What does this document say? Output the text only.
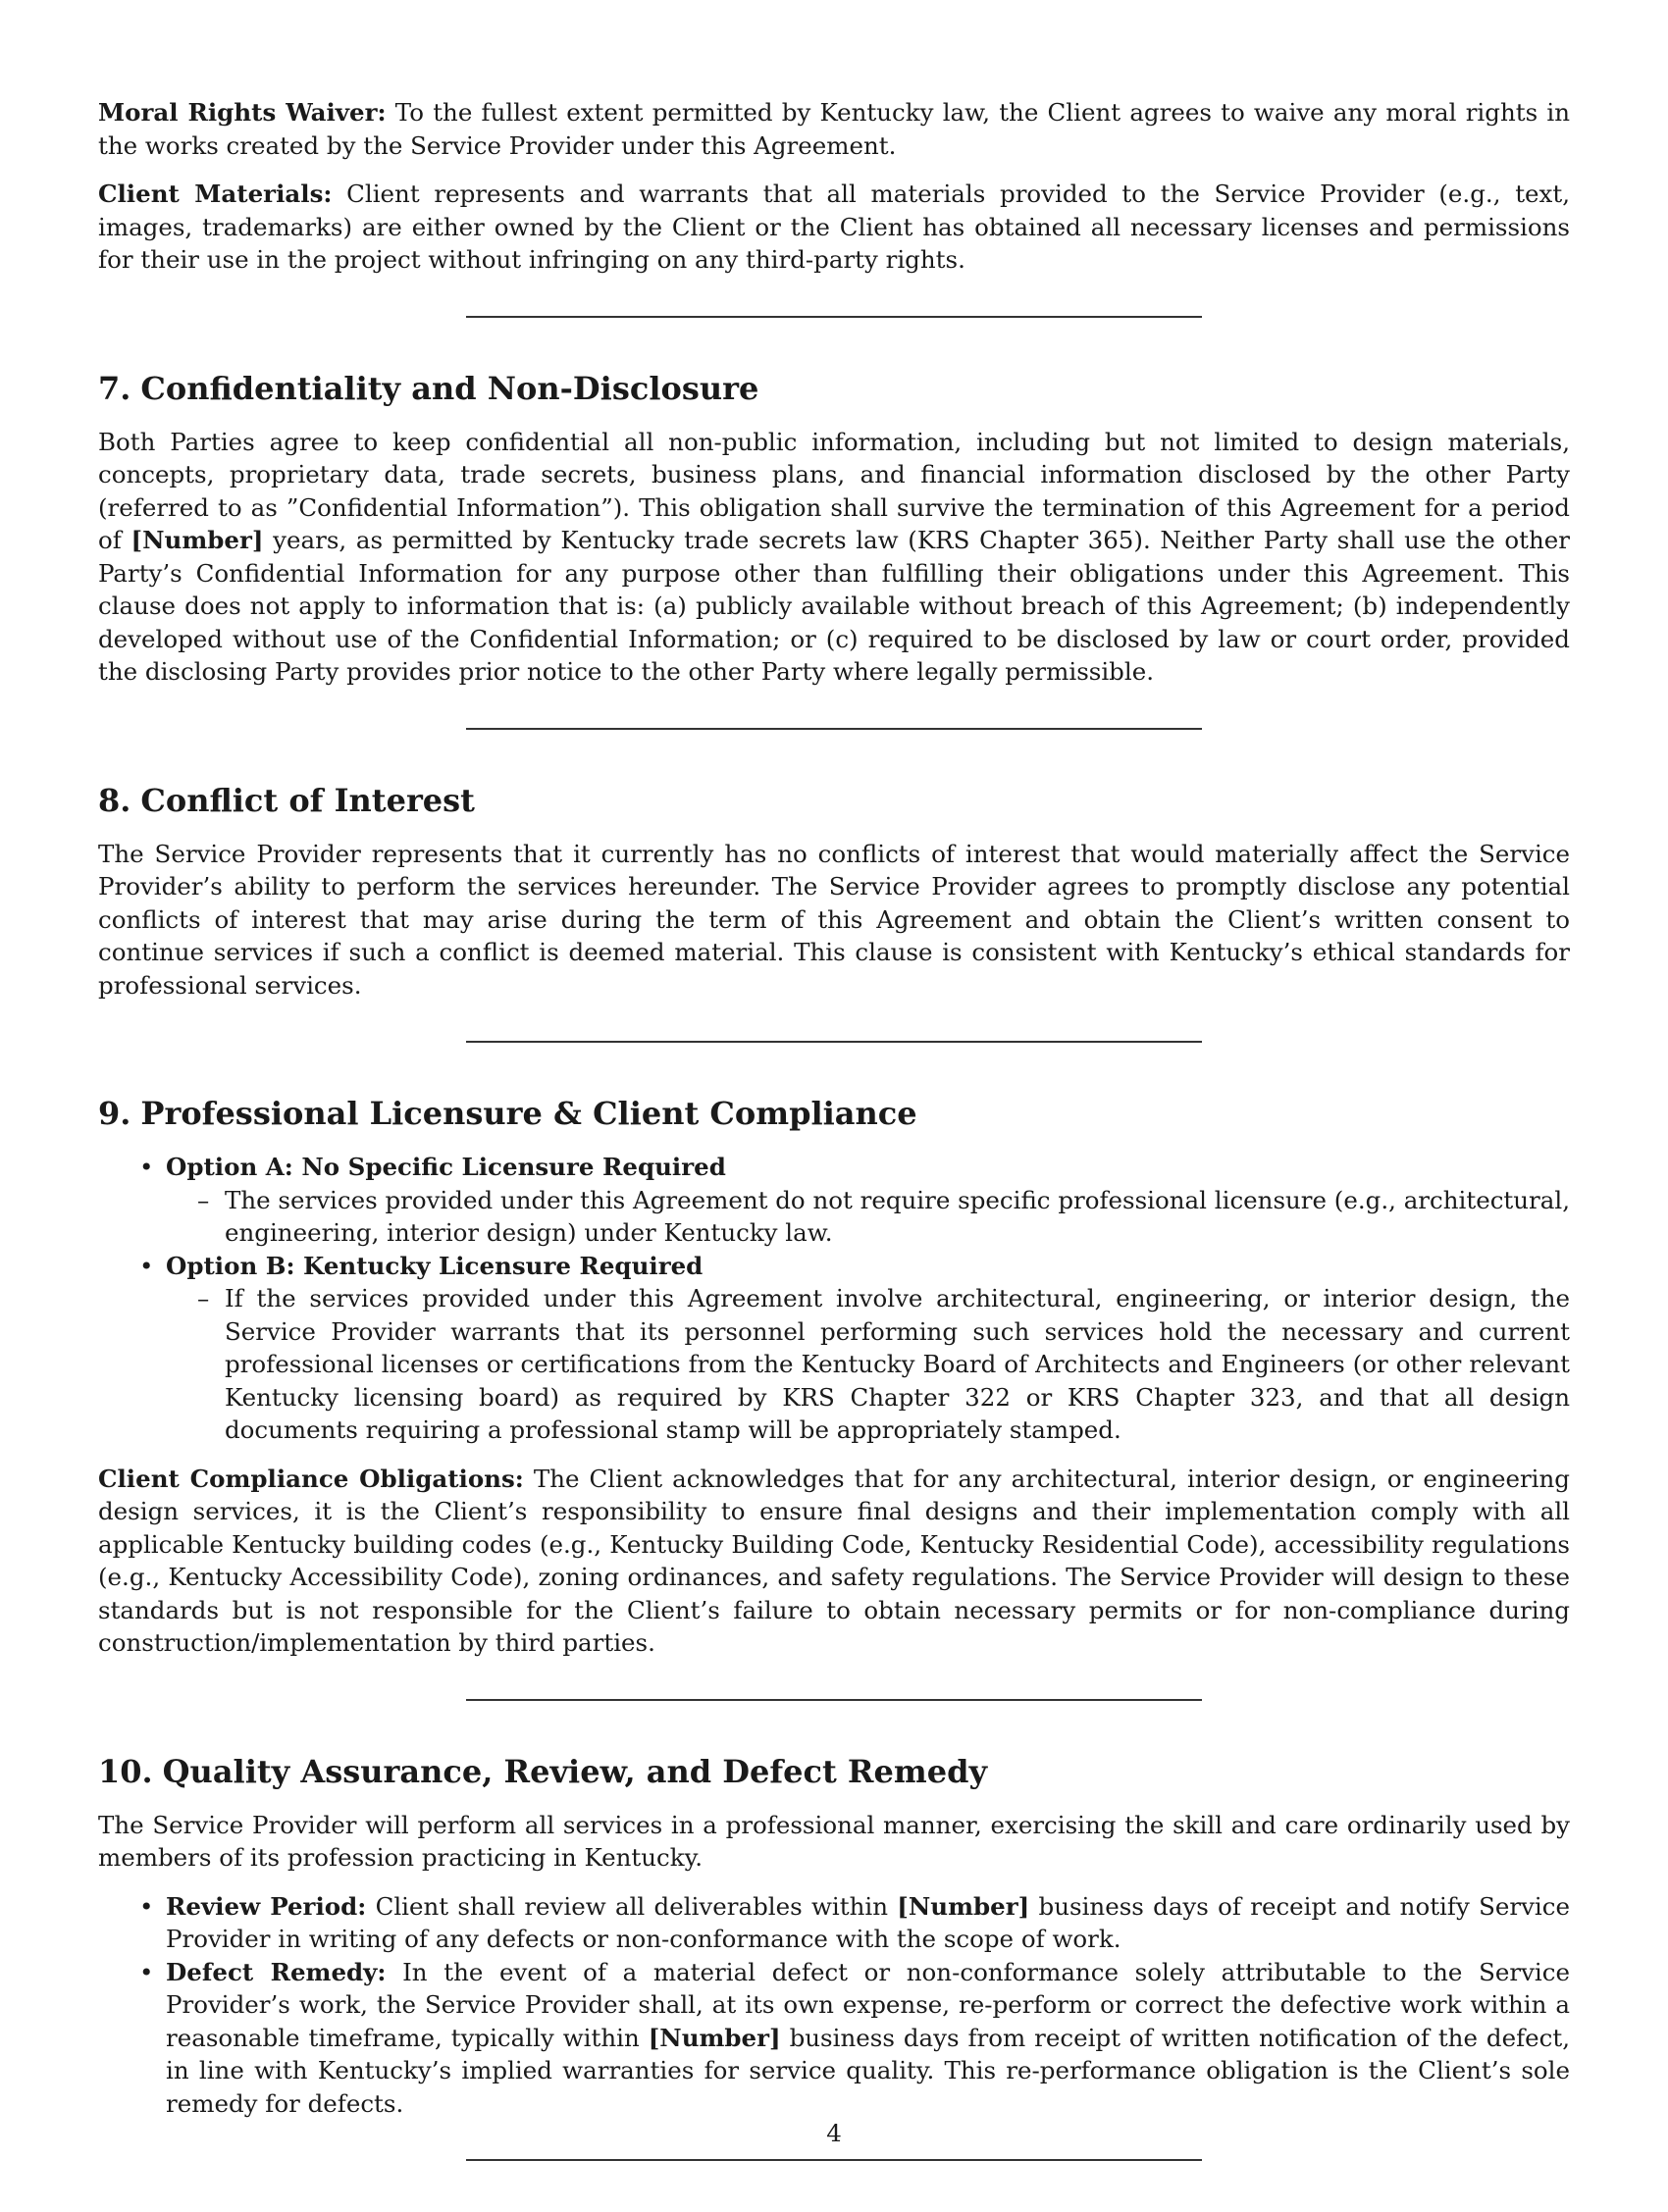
Moral Rights Waiver: To the fullest extent permitted by Kentucky law, the Client agrees to waive any moral rights in the works created by the Service Provider under this Agreement.

Client Materials: Client represents and warrants that all materials provided to the Service Provider (e.g., text, images, trademarks) are either owned by the Client or the Client has obtained all necessary licenses and permissions for their use in the project without infringing on any third-party rights.

7. Confidentiality and Non-Disclosure

Both Parties agree to keep confidential all non-public information, including but not limited to design materials, concepts, proprietary data, trade secrets, business plans, and financial information disclosed by the other Party (referred to as ”Confidential Information”). This obligation shall survive the termination of this Agreement for a period of [Number] years, as permitted by Kentucky trade secrets law (KRS Chapter 365). Neither Party shall use the other Party’s Confidential Information for any purpose other than fulfilling their obligations under this Agreement. This clause does not apply to information that is: (a) publicly available without breach of this Agreement; (b) independently developed without use of the Confidential Information; or (c) required to be disclosed by law or court order, provided the disclosing Party provides prior notice to the other Party where legally permissible.

8. Conflict of Interest

The Service Provider represents that it currently has no conflicts of interest that would materially affect the Service Provider’s ability to perform the services hereunder. The Service Provider agrees to promptly disclose any potential conflicts of interest that may arise during the term of this Agreement and obtain the Client’s written consent to continue services if such a conflict is deemed material. This clause is consistent with Kentucky’s ethical standards for professional services.

9. Professional Licensure & Client Compliance
• Option A: No Specific Licensure Required
– The services provided under this Agreement do not require specific professional licensure (e.g., architectural, engineering, interior design) under Kentucky law.
• Option B: Kentucky Licensure Required
– If the services provided under this Agreement involve architectural, engineering, or interior design, the Service Provider warrants that its personnel performing such services hold the necessary and current professional licenses or certifications from the Kentucky Board of Architects and Engineers (or other relevant Kentucky licensing board) as required by KRS Chapter 322 or KRS Chapter 323, and that all design documents requiring a professional stamp will be appropriately stamped.

Client Compliance Obligations: The Client acknowledges that for any architectural, interior design, or engineering design services, it is the Client’s responsibility to ensure final designs and their implementation comply with all applicable Kentucky building codes (e.g., Kentucky Building Code, Kentucky Residential Code), accessibility regulations (e.g., Kentucky Accessibility Code), zoning ordinances, and safety regulations. The Service Provider will design to these standards but is not responsible for the Client’s failure to obtain necessary permits or for non-compliance during construction/implementation by third parties.

10. Quality Assurance, Review, and Defect Remedy

The Service Provider will perform all services in a professional manner, exercising the skill and care ordinarily used by members of its profession practicing in Kentucky.

• Review Period: Client shall review all deliverables within [Number] business days of receipt and notify Service Provider in writing of any defects or non-conformance with the scope of work.
• Defect Remedy: In the event of a material defect or non-conformance solely attributable to the Service Provider’s work, the Service Provider shall, at its own expense, re-perform or correct the defective work within a reasonable timeframe, typically within [Number] business days from receipt of written notification of the defect, in line with Kentucky’s implied warranties for service quality. This re-performance obligation is the Client’s sole remedy for defects.
4
